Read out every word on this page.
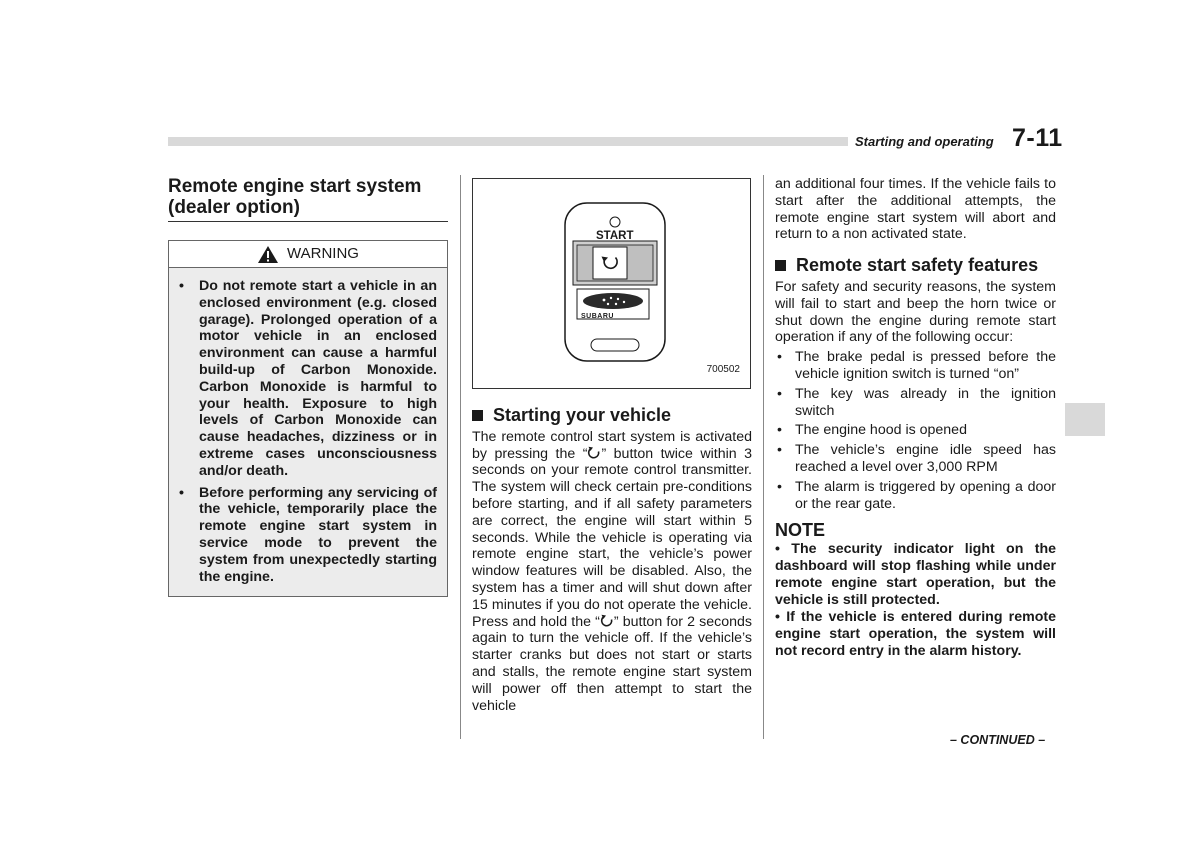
Starting and operating 7-11
Remote engine start system (dealer option)
WARNING
•	Do not remote start a vehicle in an enclosed environment (e.g. closed garage). Prolonged operation of a motor vehicle in an enclosed environment can cause a harmful build-up of Carbon Monoxide. Carbon Monoxide is harmful to your health. Exposure to high levels of Carbon Monoxide can cause headaches, dizziness or in extreme cases unconsciousness and/or death.
•	Before performing any servicing of the vehicle, temporarily place the remote engine start system in service mode to prevent the system from unexpectedly starting the engine.
START
SUBARU
700502
Starting your vehicle
The remote control start system is activated by pressing the “ ” button twice within 3 seconds on your remote control transmitter. The system will check certain pre-conditions before starting, and if all safety parameters are correct, the engine will start within 5 seconds. While the vehicle is operating via remote engine start, the vehicle’s power window features will be disabled. Also, the system has a timer and will shut down after 15 minutes if you do not operate the vehicle. Press and hold the “ ” button for 2 seconds again to turn the vehicle off. If the vehicle’s starter cranks but does not start or starts and stalls, the remote engine start system will power off then attempt to start the vehicle
an additional four times. If the vehicle fails to start after the additional attempts, the remote engine start system will abort and return to a non activated state.
Remote start safety features
For safety and security reasons, the system will fail to start and beep the horn twice or shut down the engine during remote start operation if any of the following occur:
• The brake pedal is pressed before the vehicle ignition switch is turned “on”
• The key was already in the ignition switch
• The engine hood is opened
• The vehicle’s engine idle speed has reached a level over 3,000 RPM
• The alarm is triggered by opening a door or the rear gate.
NOTE
• The security indicator light on the dashboard will stop flashing while under remote engine start operation, but the vehicle is still protected.
• If the vehicle is entered during remote engine start operation, the system will not record entry in the alarm history.
– CONTINUED –
